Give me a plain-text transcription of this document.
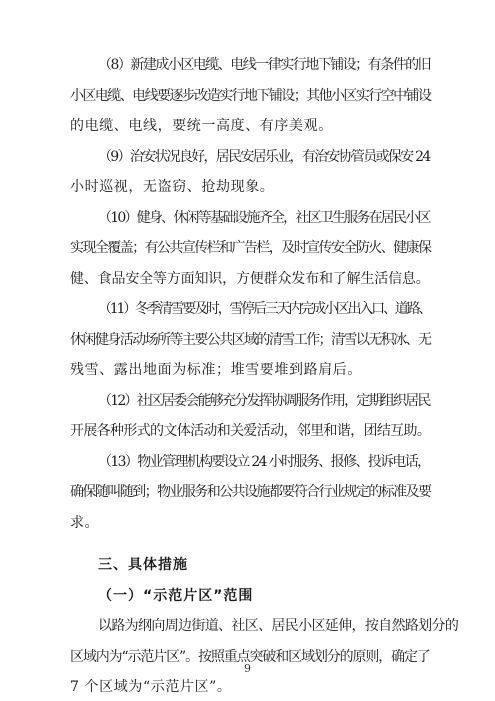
（8）新建成小区电缆、电线一律实行地下铺设；有条件的旧
小区电缆、电线要逐步改造实行地下铺设；其他小区实行空中铺设
的电缆、电线，要统一高度、有序美观。
（9）治安状况良好，居民安居乐业，有治安协管员或保安 24
小时巡视，无盗窃、抢劫现象。
（10）健身、休闲等基础设施齐全，社区卫生服务在居民小区
实现全覆盖；有公共宣传栏和广告栏，及时宣传安全防火、健康保
健、食品安全等方面知识，方便群众发布和了解生活信息。
（11）冬季清雪要及时，雪停后三天内完成小区出入口、道路、
休闲健身活动场所等主要公共区域的清雪工作；清雪以无积冰、无
残雪、露出地面为标准；堆雪要堆到路肩后。
（12）社区居委会能够充分发挥协调服务作用，定期组织居民
开展各种形式的文体活动和关爱活动，邻里和谐，团结互助。
（13）物业管理机构要设立 24 小时服务、报修、投诉电话，
确保随叫随到；物业服务和公共设施都要符合行业规定的标准及要
求。
三、具体措施
（一）“示范片区”范围
以路为纲向周边街道、社区、居民小区延伸，按自然路划分的
9
区域内为“示范片区”。按照重点突破和区域划分的原则，确定了
7 个区域为“示范片区”。
